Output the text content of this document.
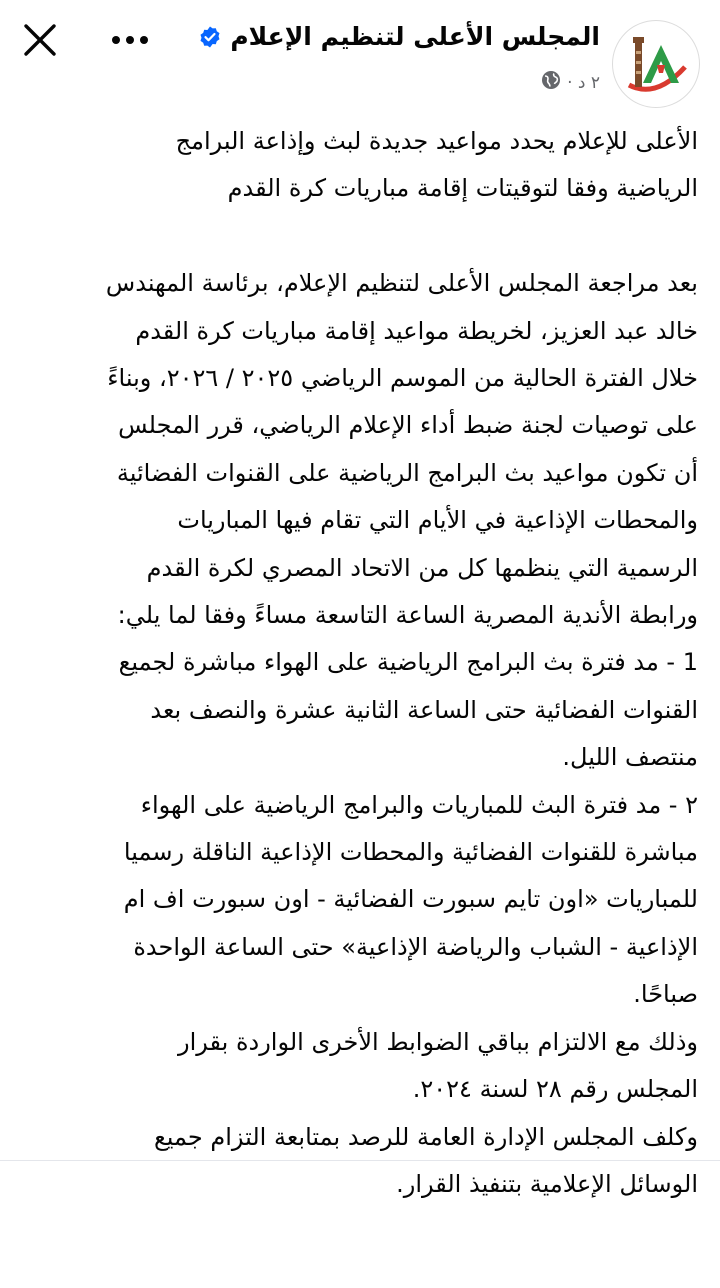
المجلس الأعلى لتنظيم الإعلام
٢ د ·

الأعلى للإعلام يحدد مواعيد جديدة لبث وإذاعة البرامج

الرياضية وفقا لتوقيتات إقامة مباريات كرة القدم

بعد مراجعة المجلس الأعلى لتنظيم الإعلام، برئاسة المهندس

خالد عبد العزيز، لخريطة مواعيد إقامة مباريات كرة القدم

خلال الفترة الحالية من الموسم الرياضي ٢٠٢٥ / ٢٠٢٦، وبناءً

على توصيات لجنة ضبط أداء الإعلام الرياضي، قرر المجلس

أن تكون مواعيد بث البرامج الرياضية على القنوات الفضائية

والمحطات الإذاعية في الأيام التي تقام فيها المباريات

الرسمية التي ينظمها كل من الاتحاد المصري لكرة القدم

ورابطة الأندية المصرية الساعة التاسعة مساءً وفقا لما يلي:

1 - مد فترة بث البرامج الرياضية على الهواء مباشرة لجميع

القنوات الفضائية حتى الساعة الثانية عشرة والنصف بعد

منتصف الليل.

٢ - مد فترة البث للمباريات والبرامج الرياضية على الهواء

مباشرة للقنوات الفضائية والمحطات الإذاعية الناقلة رسميا

للمباريات «اون تايم سبورت الفضائية - اون سبورت اف ام

الإذاعية - الشباب والرياضة الإذاعية» حتى الساعة الواحدة

صباحًا.

وذلك مع الالتزام بباقي الضوابط الأخرى الواردة بقرار

المجلس رقم ٢٨ لسنة ٢٠٢٤.

وكلف المجلس الإدارة العامة للرصد بمتابعة التزام جميع

الوسائل الإعلامية بتنفيذ القرار.
